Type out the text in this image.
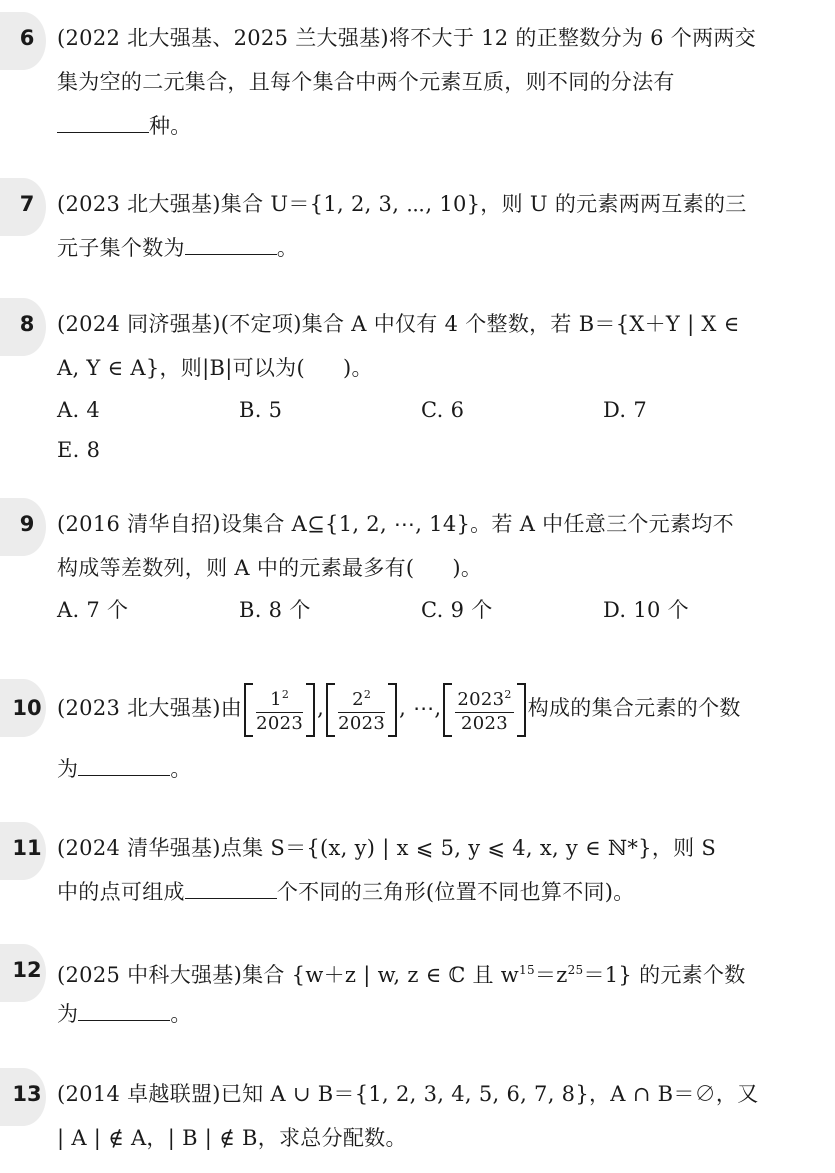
6	(2022 北大强基、2025 兰大强基)将不大于 12 的正整数分为 6 个两两交
集为空的二元集合，且每个集合中两个元素互质，则不同的分法有
种。
7	(2023 北大强基)集合 U＝{1, 2, 3, ⋯, 10}，则 U 的元素两两互素的三
元子集个数为	。
8	(2024 同济强基)(不定项)集合 A 中仅有 4 个整数，若 B＝{X＋Y | X ∈
A, Y ∈ A}，则|B|可以为( )。
A. 4	B. 5	C. 6	D. 7
E. 8
9	(2016 清华自招)设集合 A⊆{1, 2, ⋯, 14}。若 A 中任意三个元素均不
构成等差数列，则 A 中的元素最多有( )。
A. 7 个	B. 8 个	C. 9 个	D. 10 个
10 (2023 北大强基)由 $\frac{1^2}{2023}$ , $\frac{2^2}{2023}$ , ⋯, $\frac{2023^2}{2023}$ 构成的集合元素的个数
为	。
11 (2024 清华强基)点集 S＝{(x, y) | x ⩽ 5, y ⩽ 4, x, y ∈ ℕ*}，则 S
中的点可组成	个不同的三角形(位置不同也算不同)。
12 (2025 中科大强基)集合 {w＋z | w, z ∈ ℂ 且 $w^{15}=z^{25}=1$} 的元素个数
为	。
13 (2014 卓越联盟)已知 A ∪ B＝{1, 2, 3, 4, 5, 6, 7, 8}，A ∩ B＝∅，又
| A | ∉ A，| B | ∉ B，求总分配数。
